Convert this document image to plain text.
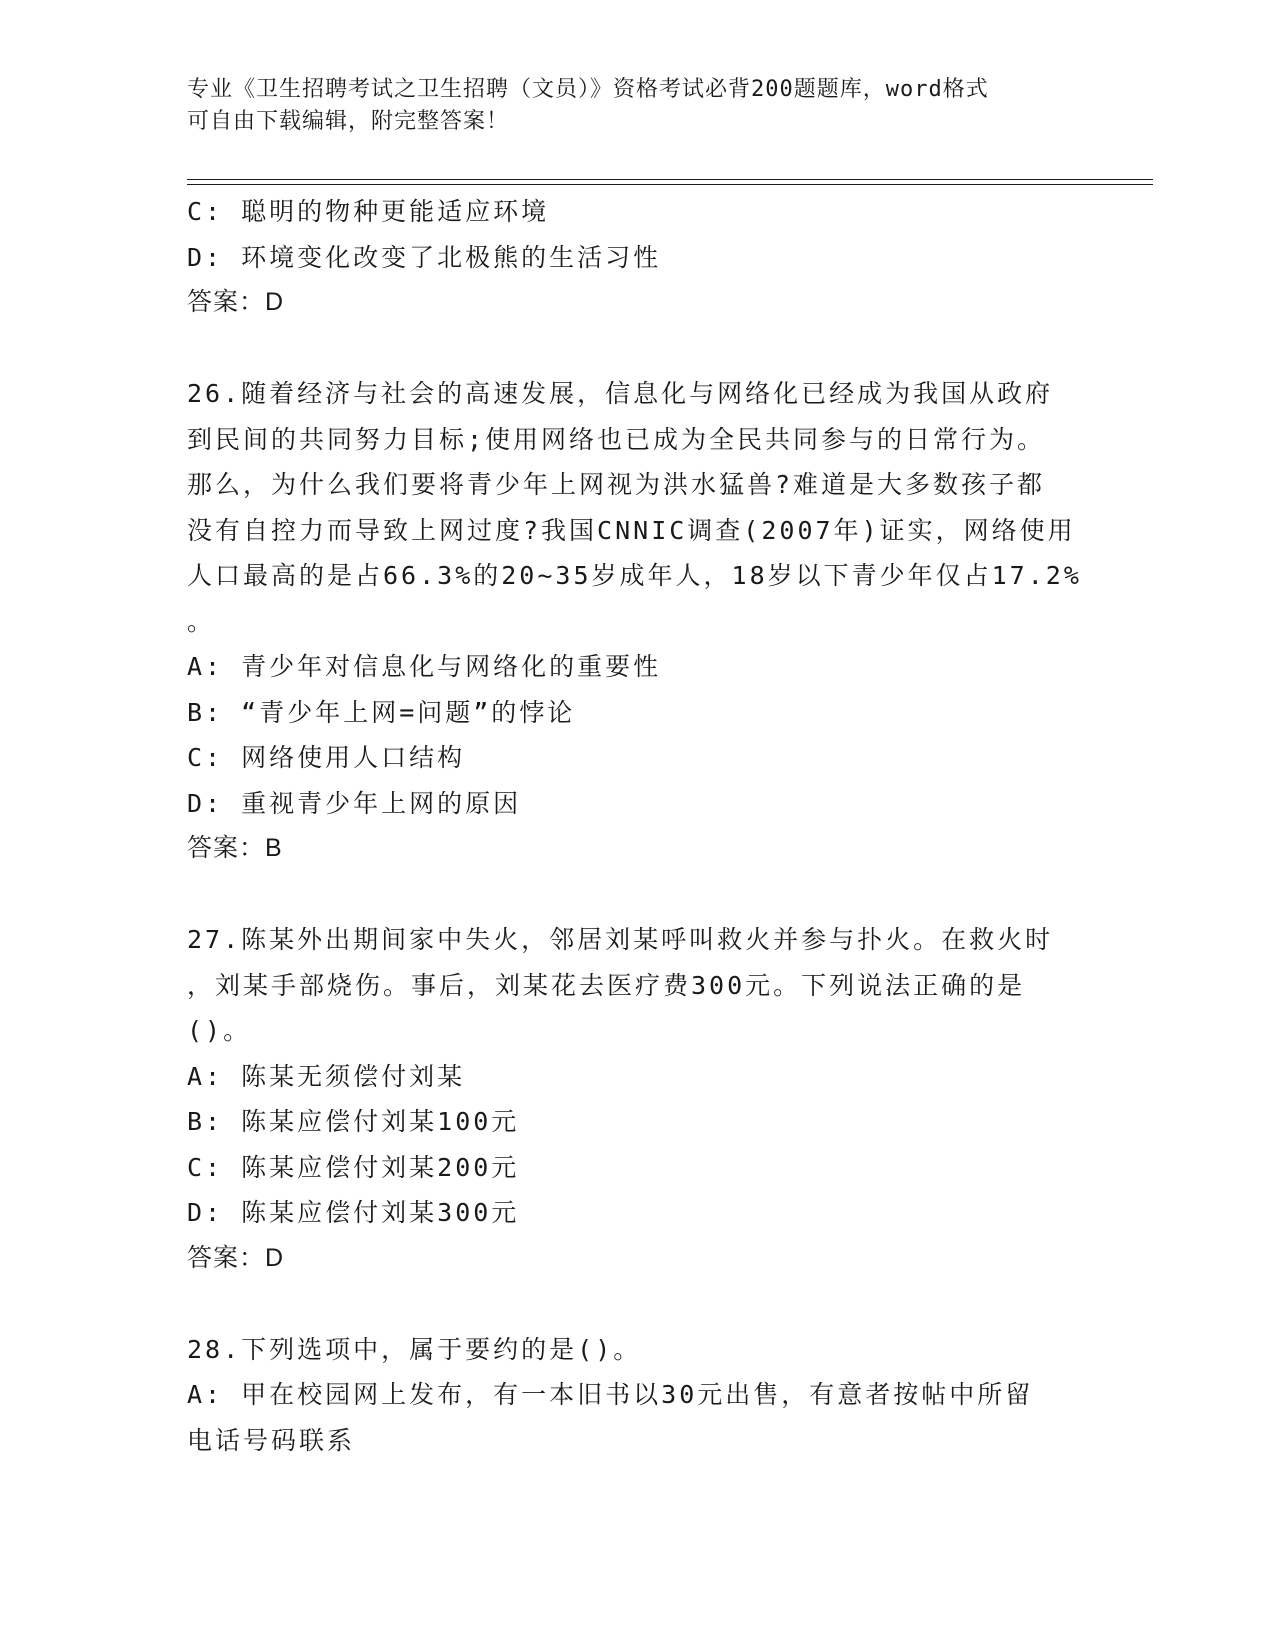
专业《卫生招聘考试之卫生招聘（文员）》资格考试必背200题题库，word格式
可自由下载编辑，附完整答案！
C: 聪明的物种更能适应环境
D: 环境变化改变了北极熊的生活习性
答案：D
26.随着经济与社会的高速发展，信息化与网络化已经成为我国从政府
到民间的共同努力目标;使用网络也已成为全民共同参与的日常行为。
那么，为什么我们要将青少年上网视为洪水猛兽?难道是大多数孩子都
没有自控力而导致上网过度?我国CNNIC调查(2007年)证实，网络使用
人口最高的是占66.3%的20~35岁成年人，18岁以下青少年仅占17.2%
。
A: 青少年对信息化与网络化的重要性
B: “青少年上网=问题”的悖论
C: 网络使用人口结构
D: 重视青少年上网的原因
答案：B
27.陈某外出期间家中失火，邻居刘某呼叫救火并参与扑火。在救火时
，刘某手部烧伤。事后，刘某花去医疗费300元。下列说法正确的是
()。
A: 陈某无须偿付刘某
B: 陈某应偿付刘某100元
C: 陈某应偿付刘某200元
D: 陈某应偿付刘某300元
答案：D
28.下列选项中，属于要约的是()。
A: 甲在校园网上发布，有一本旧书以30元出售，有意者按帖中所留
电话号码联系
